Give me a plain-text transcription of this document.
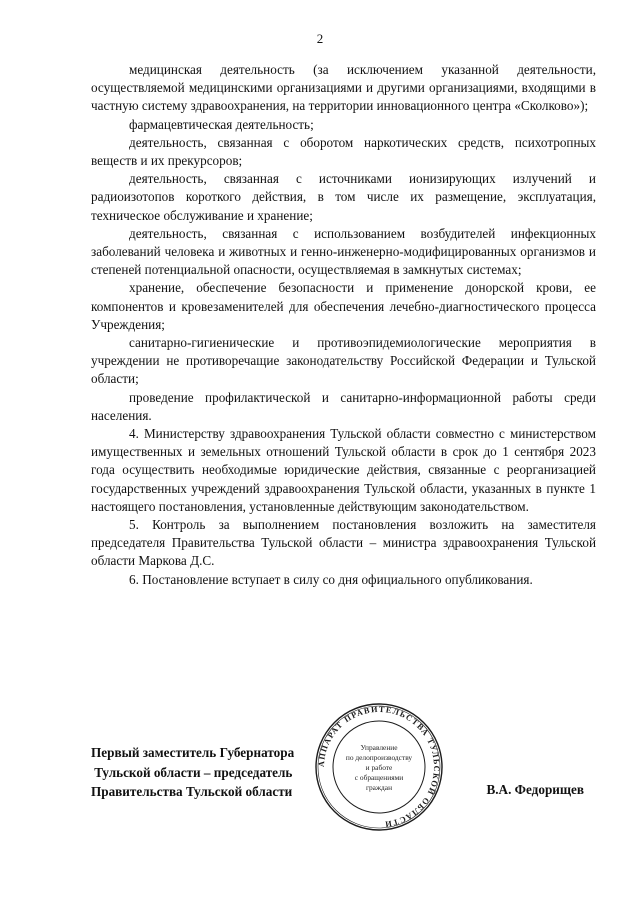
2

медицинская деятельность (за исключением указанной деятельности, осуществляемой медицинскими организациями и другими организациями, входящими в частную систему здравоохранения, на территории инновационного центра «Сколково»);

фармацевтическая деятельность;

деятельность, связанная с оборотом наркотических средств, психотропных веществ и их прекурсоров;

деятельность, связанная с источниками ионизирующих излучений и радиоизотопов короткого действия, в том числе их размещение, эксплуатация, техническое обслуживание и хранение;

деятельность, связанная с использованием возбудителей инфекционных заболеваний человека и животных и генно-инженерно-модифицированных организмов и степеней потенциальной опасности, осуществляемая в замкнутых системах;

хранение, обеспечение безопасности и применение донорской крови, ее компонентов и кровезаменителей для обеспечения лечебно-диагностического процесса Учреждения;

санитарно-гигиенические и противоэпидемиологические мероприятия в учреждении не противоречащие законодательству Российской Федерации и Тульской области;

проведение профилактической и санитарно-информационной работы среди населения.

4. Министерству здравоохранения Тульской области совместно с министерством имущественных и земельных отношений Тульской области в срок до 1 сентября 2023 года осуществить необходимые юридические действия, связанные с реорганизацией государственных учреждений здравоохранения Тульской области, указанных в пункте 1 настоящего постановления, установленные действующим законодательством.

5. Контроль за выполнением постановления возложить на заместителя председателя Правительства Тульской области – министра здравоохранения Тульской области Маркова Д.С.

6. Постановление вступает в силу со дня официального опубликования.

Первый заместитель Губернатора
Тульской области – председатель
Правительства Тульской области	В.А. Федорищев
АППАРАТ ПРАВИТЕЛЬСТВА ТУЛЬСКОЙ ОБЛАСТИ
Управление
по делопроизводству
и работе
с обращениями
граждан
